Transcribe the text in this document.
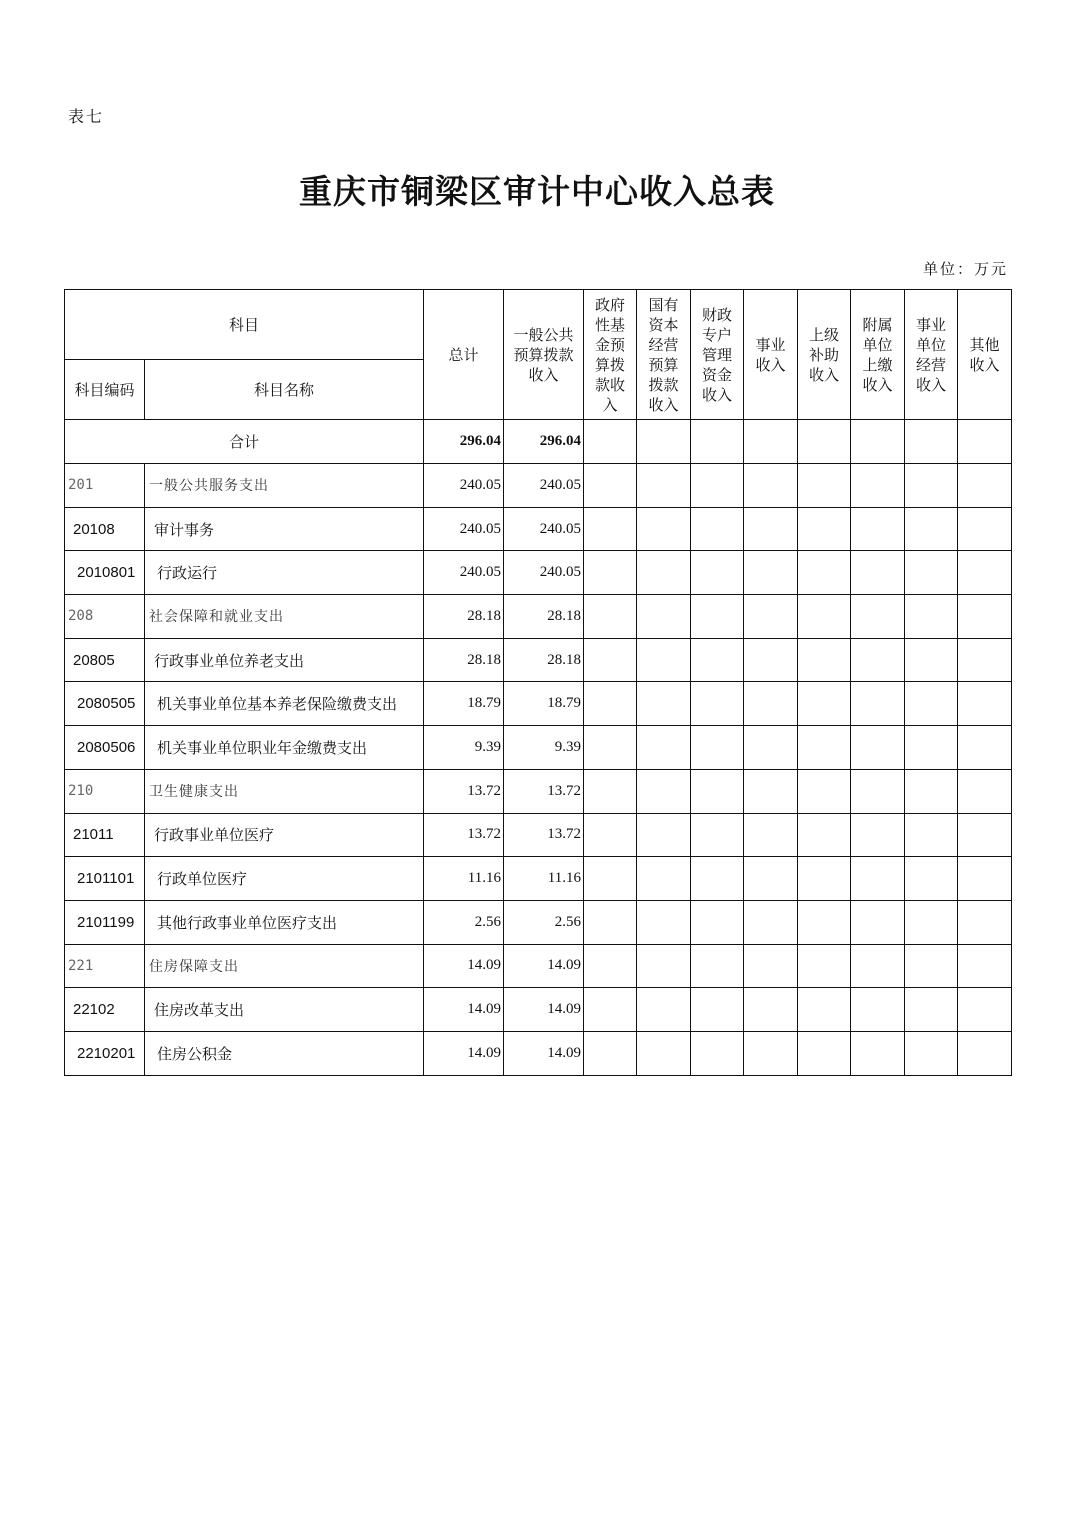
表七
重庆市铜梁区审计中心收入总表
单位：万元
科目		总计	一般公共预算拨款收入	政府性基金预算拨款收入	国有资本经营预算拨款收入	财政专户管理资金收入	事业收入	上级补助收入	附属单位上缴收入	事业单位经营收入	其他收入
科目编码	科目名称										
合计		296.04	296.04								
201	一般公共服务支出	240.05	240.05								
20108	审计事务	240.05	240.05								
2010801	行政运行	240.05	240.05								
208	社会保障和就业支出	28.18	28.18								
20805	行政事业单位养老支出	28.18	28.18								
2080505	机关事业单位基本养老保险缴费支出	18.79	18.79								
2080506	机关事业单位职业年金缴费支出	9.39	9.39								
210	卫生健康支出	13.72	13.72								
21011	行政事业单位医疗	13.72	13.72								
2101101	行政单位医疗	11.16	11.16								
2101199	其他行政事业单位医疗支出	2.56	2.56								
221	住房保障支出	14.09	14.09								
22102	住房改革支出	14.09	14.09								
2210201	住房公积金	14.09	14.09								
